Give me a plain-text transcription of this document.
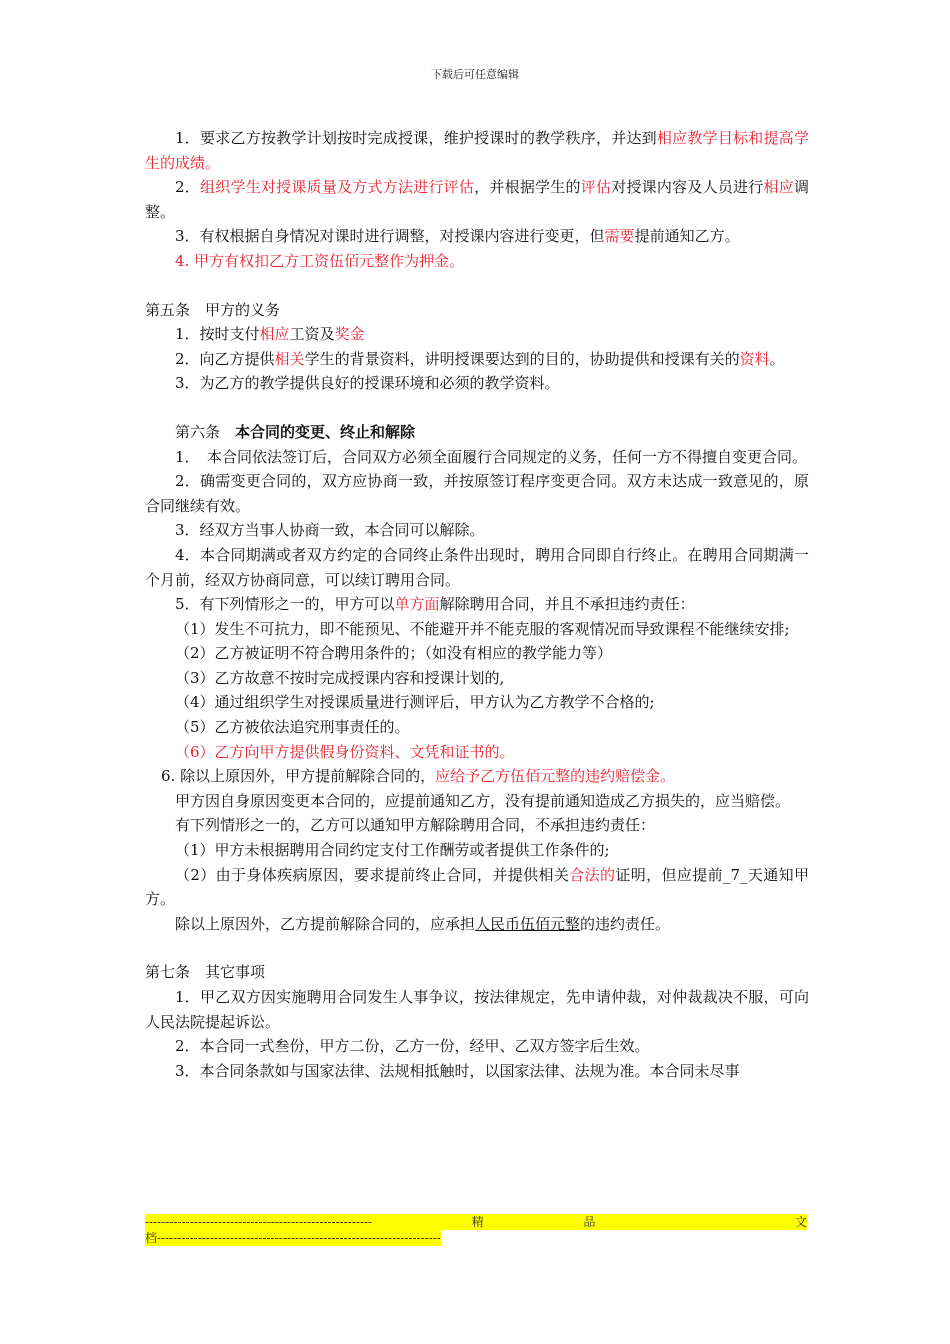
下载后可任意编辑

1．要求乙方按教学计划按时完成授课，维护授课时的教学秩序，并达到相应教学目标和提高学生的成绩。

2．组织学生对授课质量及方式方法进行评估，并根据学生的评估对授课内容及人员进行相应调整。

3．有权根据自身情况对课时进行调整，对授课内容进行变更，但需要提前通知乙方。

4. 甲方有权扣乙方工资伍佰元整作为押金。

第五条　甲方的义务

1．按时支付相应工资及奖金

2．向乙方提供相关学生的背景资料，讲明授课要达到的目的，协助提供和授课有关的资料。

3．为乙方的教学提供良好的授课环境和必须的教学资料。

第六条　本合同的变更、终止和解除

1．　本合同依法签订后，合同双方必须全面履行合同规定的义务，任何一方不得擅自变更合同。

2．确需变更合同的，双方应协商一致，并按原签订程序变更合同。双方未达成一致意见的，原合同继续有效。

3．经双方当事人协商一致，本合同可以解除。

4．本合同期满或者双方约定的合同终止条件出现时，聘用合同即自行终止。在聘用合同期满一个月前，经双方协商同意，可以续订聘用合同。

5．有下列情形之一的，甲方可以单方面解除聘用合同，并且不承担违约责任：

（1）发生不可抗力，即不能预见、不能避开并不能克服的客观情况而导致课程不能继续安排;

（2）乙方被证明不符合聘用条件的；（如没有相应的教学能力等）

（3）乙方故意不按时完成授课内容和授课计划的,

（4）通过组织学生对授课质量进行测评后，甲方认为乙方教学不合格的;

（5）乙方被依法追究刑事责任的。

（6）乙方向甲方提供假身份资料、文凭和证书的。

6. 除以上原因外，甲方提前解除合同的，应给予乙方伍佰元整的违约赔偿金。

甲方因自身原因变更本合同的，应提前通知乙方，没有提前通知造成乙方损失的，应当赔偿。

有下列情形之一的，乙方可以通知甲方解除聘用合同，不承担违约责任：

（1）甲方未根据聘用合同约定支付工作酬劳或者提供工作条件的;

（2）由于身体疾病原因，要求提前终止合同，并提供相关合法的证明，但应提前_7_天通知甲方。

除以上原因外，乙方提前解除合同的，应承担人民币伍佰元整的违约责任。

第七条　其它事项

1．甲乙双方因实施聘用合同发生人事争议，按法律规定，先申请仲裁，对仲裁裁决不服，可向人民法院提起诉讼。

2．本合同一式叁份，甲方二份，乙方一份，经甲、乙双方签字后生效。

3．本合同条款如与国家法律、法规相抵触时，以国家法律、法规为准。本合同未尽事

--------------------------------------------------------	精	品	文
档----------------------------------------------------------------------
